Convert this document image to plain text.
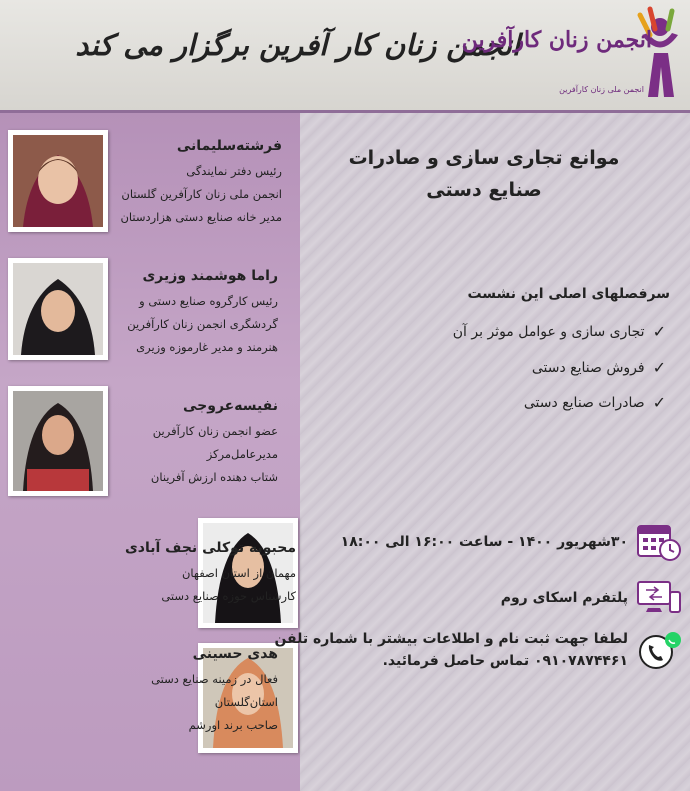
انجمن زنان کار آفرین برگزار می کند
انجمن زنان کارآفرین
انجمن ملی زنان کارآفرین
فرشته‌سلیمانی
رئیس دفتر نمایندگی
انجمن ملی زنان کارآفرین گلستان
مدیر خانه صنایع دستی هزاردستان
راما هوشمند وزیری
رئیس کارگروه صنایع دستی و
گردشگری انجمن زنان کارآفرین
هنرمند و مدیر غارموزه وزیری
نفیسه‌عروجی
عضو انجمن زنان کارآفرین
مدیرعامل‌مرکز
شتاب دهنده ارزش آفرینان
محبوبه توکلی نجف آبادی
مهمان از استان اصفهان
کارشناس حوزه صنایع دستی
هدی حسینی
فعال در زمینه صنایع دستی
استان‌گلستان
صاحب برند اورشم
موانع تجاری سازی و صادرات
صنایع دستی
سرفصلهای اصلی این نشست
✓
تجاری سازی و عوامل موثر بر آن
✓
فروش صنایع دستی
✓
صادرات صنایع دستی
۳۰شهریور ۱۴۰۰ - ساعت ۱۶:۰۰ الی ۱۸:۰۰
پلتفرم اسکای روم
لطفا جهت ثبت نام و اطلاعات بیشتر با شماره تلفن
۰۹۱۰۷۸۷۴۴۶۱ تماس حاصل فرمائید.
